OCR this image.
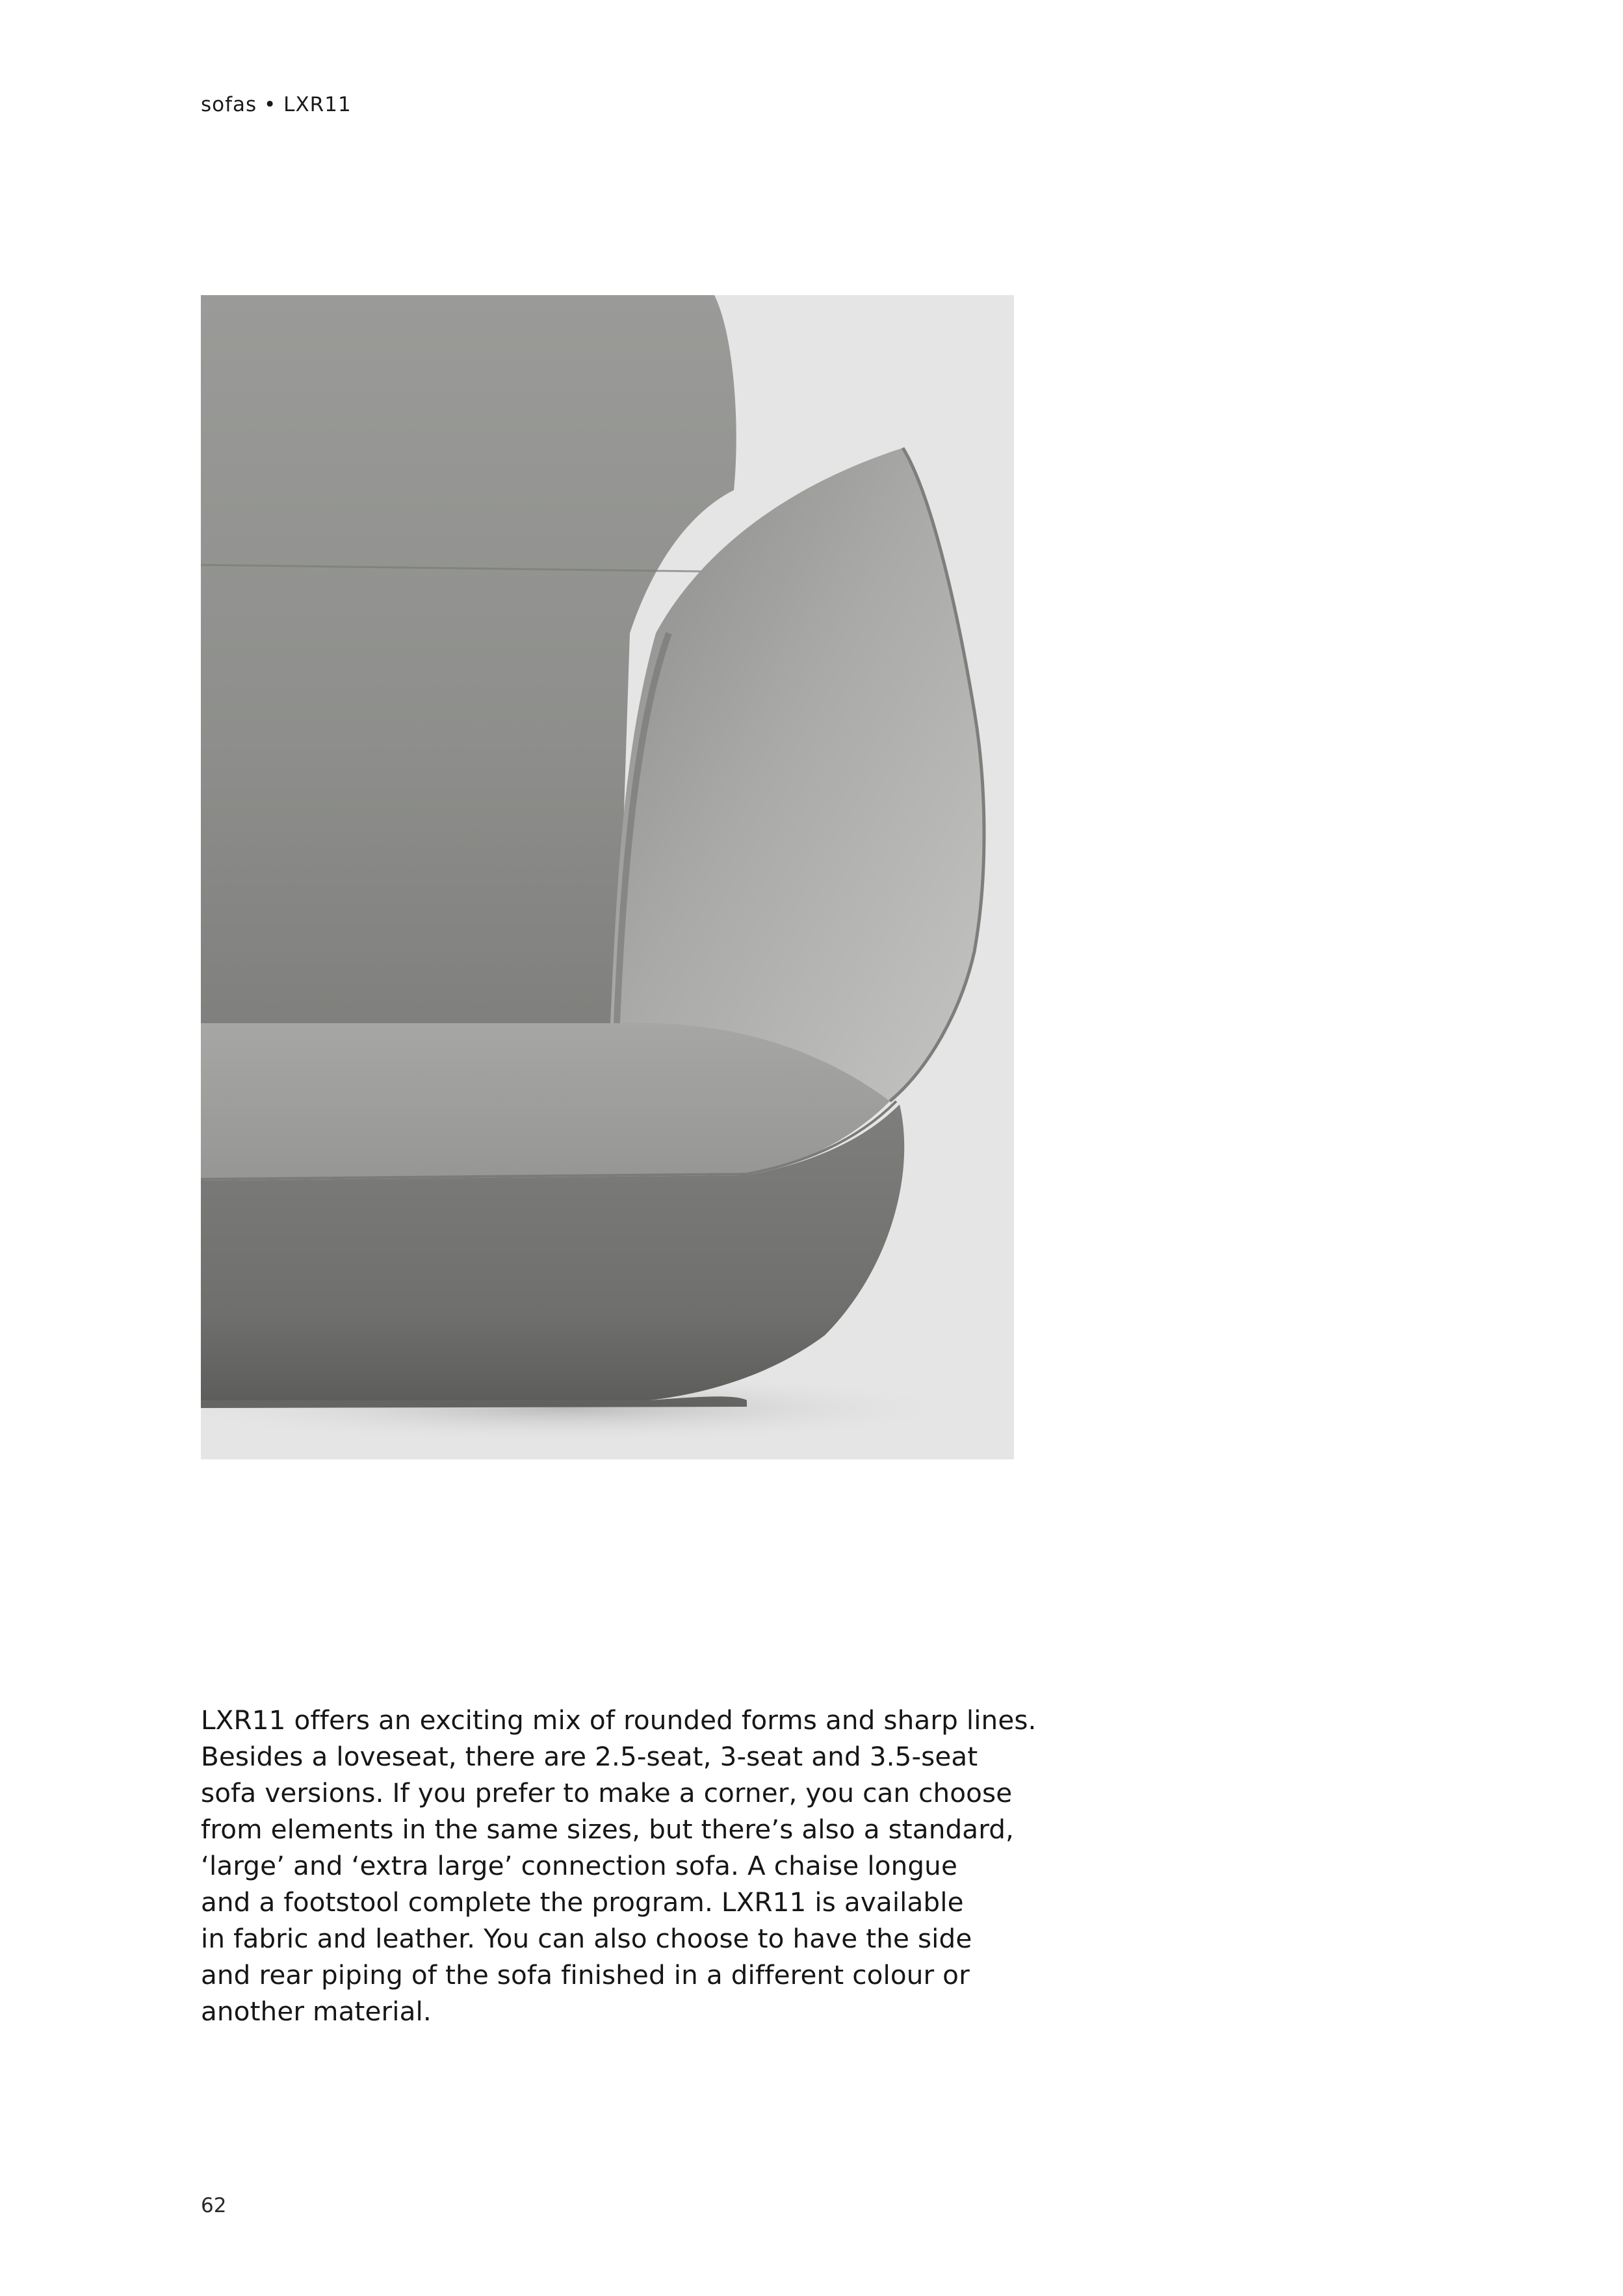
sofas • LXR11
LXR11 offers an exciting mix of rounded forms and sharp lines.
Besides a loveseat, there are 2.5-seat, 3-seat and 3.5-seat
sofa versions. If you prefer to make a corner, you can choose
from elements in the same sizes, but there’s also a standard,
‘large’ and ‘extra large’ connection sofa. A chaise longue
and a footstool complete the program. LXR11 is available
in fabric and leather. You can also choose to have the side
and rear piping of the sofa finished in a different colour or
another material.
62
